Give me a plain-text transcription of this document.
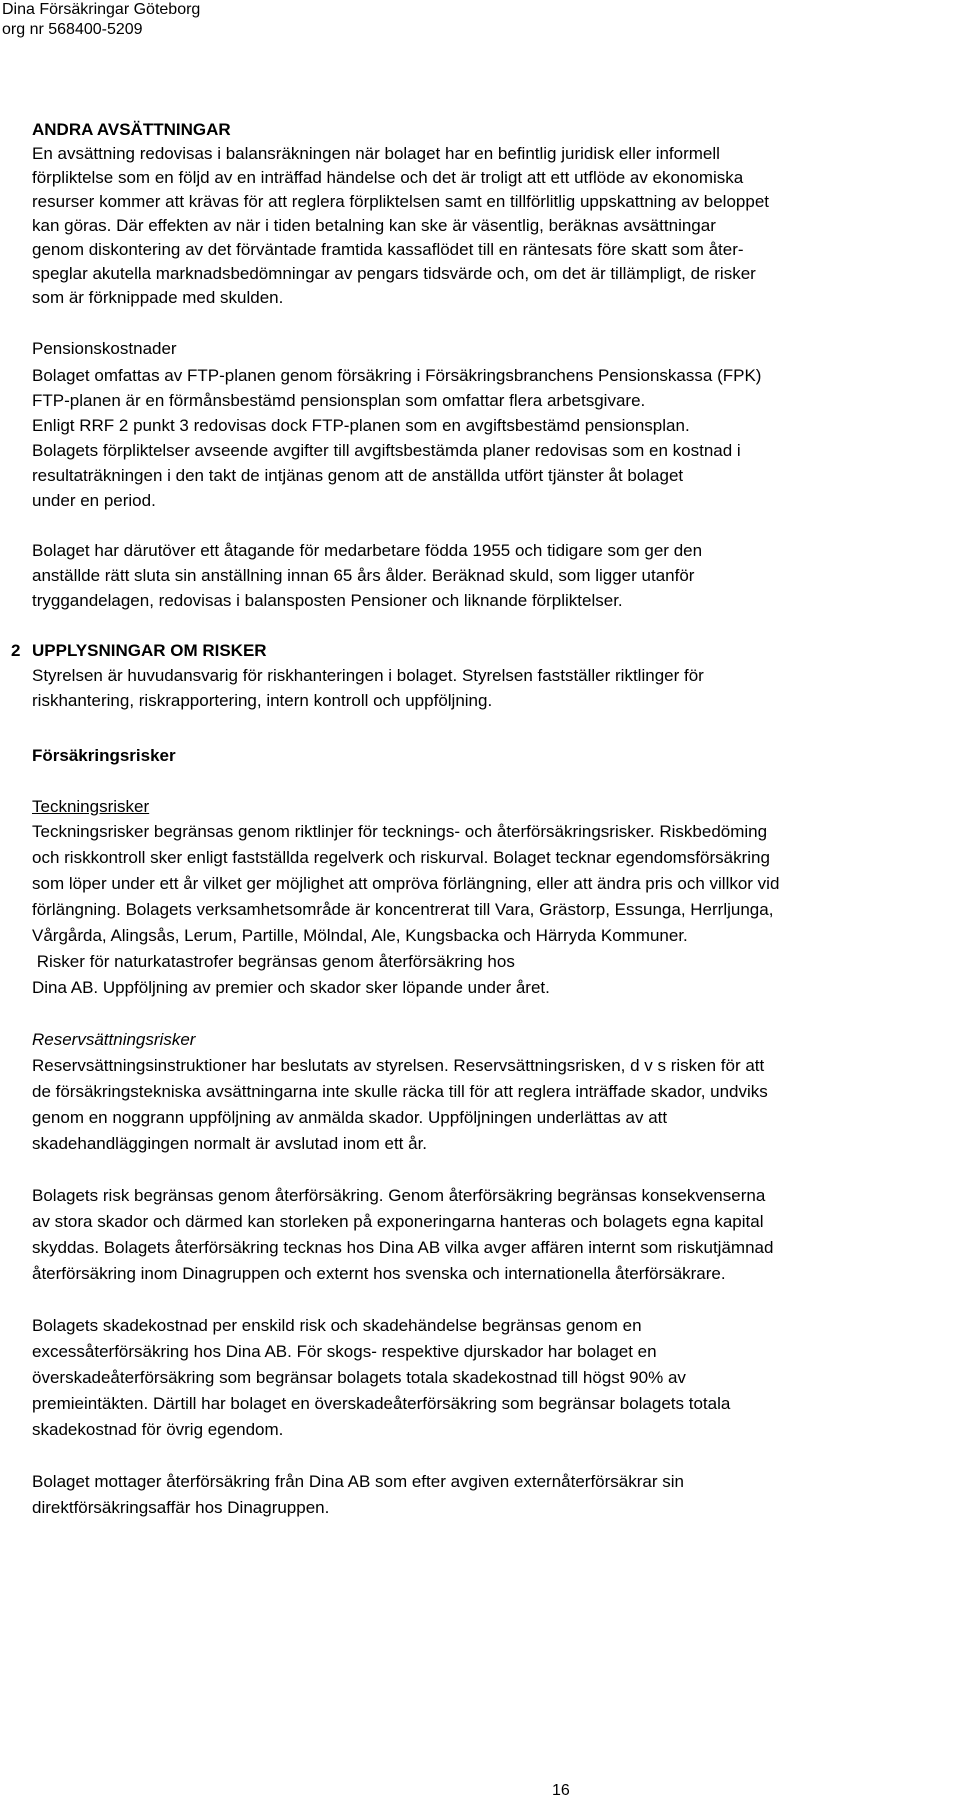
Dina Försäkringar Göteborg
org nr 568400-5209
ANDRA AVSÄTTNINGAR
En avsättning redovisas i balansräkningen när bolaget har en befintlig juridisk eller informell
förpliktelse som en följd av en inträffad händelse och det är troligt att ett utflöde av ekonomiska
resurser kommer att krävas för att reglera förpliktelsen samt en tillförlitlig uppskattning av beloppet
kan göras. Där effekten av när i tiden betalning kan ske är väsentlig, beräknas avsättningar
genom diskontering av det förväntade framtida kassaflödet till en räntesats före skatt som åter-
speglar akutella marknadsbedömningar av pengars tidsvärde och, om det är tillämpligt, de risker
som är förknippade med skulden.
Pensionskostnader
Bolaget omfattas av FTP-planen genom försäkring i Försäkringsbranchens Pensionskassa (FPK)
FTP-planen är en förmånsbestämd pensionsplan som omfattar flera arbetsgivare.
Enligt RRF 2 punkt 3 redovisas dock FTP-planen som en avgiftsbestämd pensionsplan.
Bolagets förpliktelser avseende avgifter till avgiftsbestämda planer redovisas som en kostnad i
resultaträkningen i den takt de intjänas genom att de anställda utfört tjänster åt bolaget
under en period.
Bolaget har därutöver ett åtagande för medarbetare födda 1955 och tidigare som ger den
anställde rätt sluta sin anställning innan 65 års ålder. Beräknad skuld, som ligger utanför
tryggandelagen, redovisas i balansposten Pensioner och liknande förpliktelser.
2 UPPLYSNINGAR OM RISKER
Styrelsen är huvudansvarig för riskhanteringen i bolaget. Styrelsen fastställer riktlinger för
riskhantering, riskrapportering, intern kontroll och uppföljning.
Försäkringsrisker
Teckningsrisker
Teckningsrisker begränsas genom riktlinjer för tecknings- och återförsäkringsrisker. Riskbedöming
och riskkontroll sker enligt fastställda regelverk och riskurval. Bolaget tecknar egendomsförsäkring
som löper under ett år vilket ger möjlighet att ompröva förlängning, eller att ändra pris och villkor vid
förlängning. Bolagets verksamhetsområde är koncentrerat till Vara, Grästorp, Essunga, Herrljunga,
Vårgårda, Alingsås, Lerum, Partille, Mölndal, Ale, Kungsbacka och Härryda Kommuner.
Risker för naturkatastrofer begränsas genom återförsäkring hos
Dina AB. Uppföljning av premier och skador sker löpande under året.
Reservsättningsrisker
Reservsättningsinstruktioner har beslutats av styrelsen. Reservsättningsrisken, d v s risken för att
de försäkringstekniska avsättningarna inte skulle räcka till för att reglera inträffade skador, undviks
genom en noggrann uppföljning av anmälda skador. Uppföljningen underlättas av att
skadehandläggingen normalt är avslutad inom ett år.
Bolagets risk begränsas genom återförsäkring. Genom återförsäkring begränsas konsekvenserna
av stora skador och därmed kan storleken på exponeringarna hanteras och bolagets egna kapital
skyddas. Bolagets återförsäkring tecknas hos Dina AB vilka avger affären internt som riskutjämnad
återförsäkring inom Dinagruppen och externt hos svenska och internationella återförsäkrare.
Bolagets skadekostnad per enskild risk och skadehändelse begränsas genom en
excessåterförsäkring hos Dina AB. För skogs- respektive djurskador har bolaget en
överskadeåterförsäkring som begränsar bolagets totala skadekostnad till högst 90% av
premieintäkten. Därtill har bolaget en överskadeåterförsäkring som begränsar bolagets totala
skadekostnad för övrig egendom.
Bolaget mottager återförsäkring från Dina AB som efter avgiven externåterförsäkrar sin
direktförsäkringsaffär hos Dinagruppen.
16
